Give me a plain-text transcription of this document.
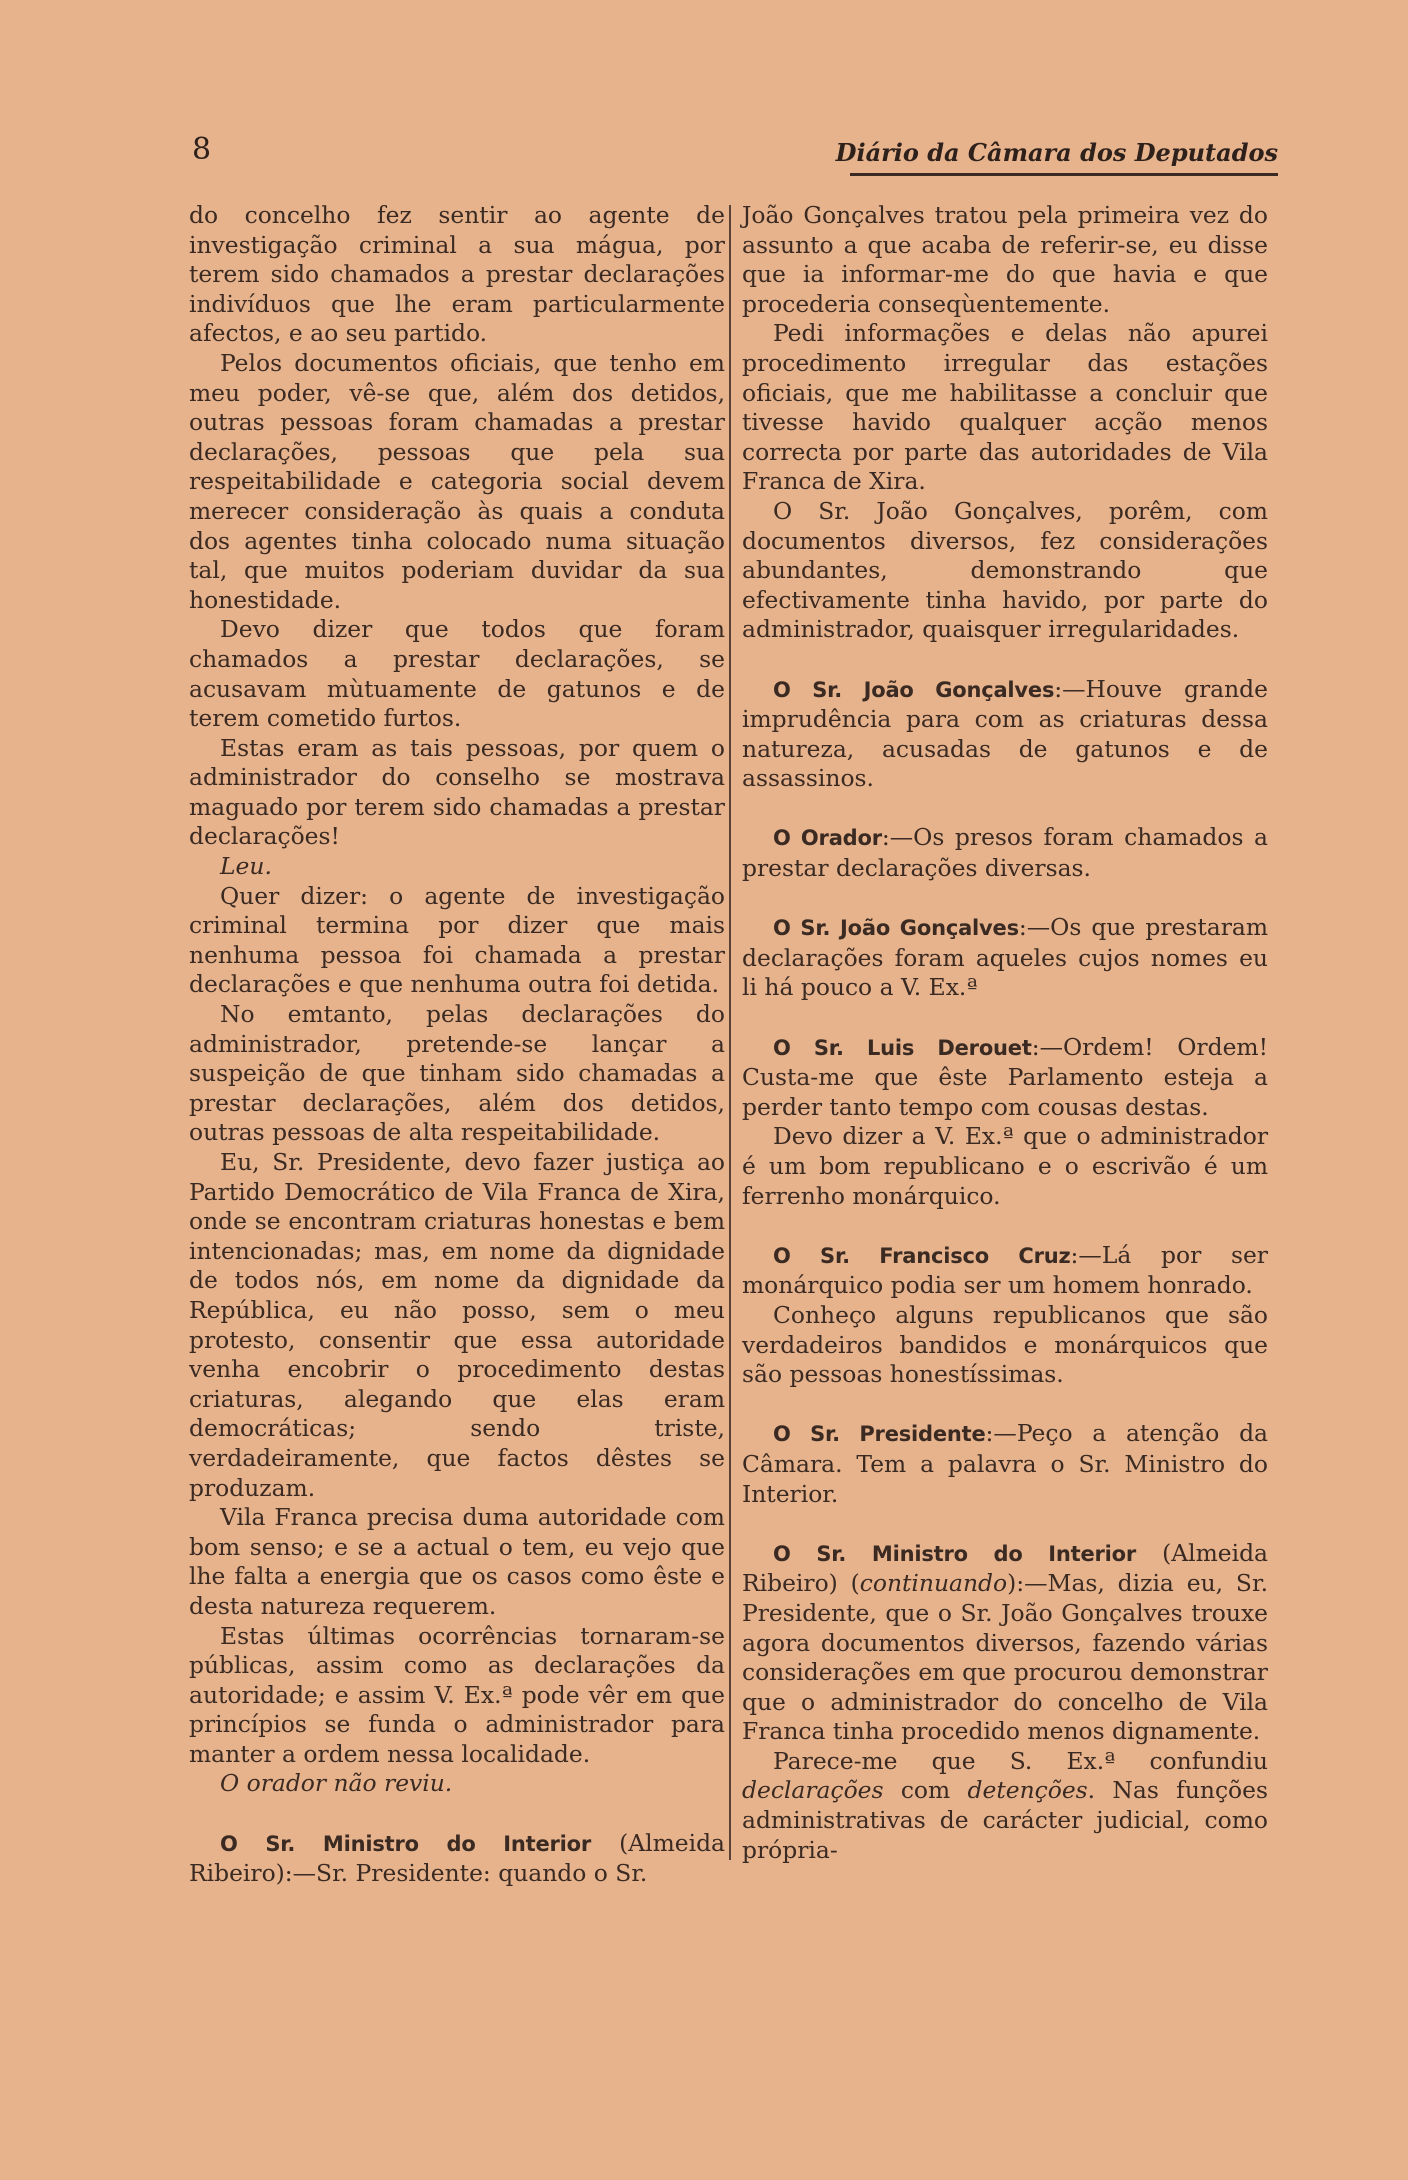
8	Diário da Câmara dos Deputados

do concelho fez sentir ao agente de investigação criminal a sua mágua, por terem sido chamados a prestar declarações indivíduos que lhe eram particularmente afectos, e ao seu partido.

Pelos documentos oficiais, que tenho em meu poder, vê-se que, além dos detidos, outras pessoas foram chamadas a prestar declarações, pessoas que pela sua respeitabilidade e categoria social devem merecer consideração às quais a conduta dos agentes tinha colocado numa situação tal, que muitos poderiam duvidar da sua honestidade.

Devo dizer que todos que foram chamados a prestar declarações, se acusavam mùtuamente de gatunos e de terem cometido furtos.

Estas eram as tais pessoas, por quem o administrador do conselho se mostrava maguado por terem sido chamadas a prestar declarações!

Leu.

Quer dizer: o agente de investigação criminal termina por dizer que mais nenhuma pessoa foi chamada a prestar declarações e que nenhuma outra foi detida.

No emtanto, pelas declarações do administrador, pretende-se lançar a suspeição de que tinham sido chamadas a prestar declarações, além dos detidos, outras pessoas de alta respeitabilidade.

Eu, Sr. Presidente, devo fazer justiça ao Partido Democrático de Vila Franca de Xira, onde se encontram criaturas honestas e bem intencionadas; mas, em nome da dignidade de todos nós, em nome da dignidade da República, eu não posso, sem o meu protesto, consentir que essa autoridade venha encobrir o procedimento destas criaturas, alegando que elas eram democráticas; sendo triste, verdadeiramente, que factos dêstes se produzam.

Vila Franca precisa duma autoridade com bom senso; e se a actual o tem, eu vejo que lhe falta a energia que os casos como êste e desta natureza requerem.

Estas últimas ocorrências tornaram-se públicas, assim como as declarações da autoridade; e assim V. Ex.ª pode vêr em que princípios se funda o administrador para manter a ordem nessa localidade.

O orador não reviu.

O Sr. Ministro do Interior (Almeida Ribeiro):—Sr. Presidente: quando o Sr.

João Gonçalves tratou pela primeira vez do assunto a que acaba de referir-se, eu disse que ia informar-me do que havia e que procederia conseqùentemente.

Pedi informações e delas não apurei procedimento irregular das estações oficiais, que me habilitasse a concluir que tivesse havido qualquer acção menos correcta por parte das autoridades de Vila Franca de Xira.

O Sr. João Gonçalves, porêm, com documentos diversos, fez considerações abundantes, demonstrando que efectivamente tinha havido, por parte do administrador, quaisquer irregularidades.

O Sr. João Gonçalves:—Houve grande imprudência para com as criaturas dessa natureza, acusadas de gatunos e de assassinos.

O Orador:—Os presos foram chamados a prestar declarações diversas.

O Sr. João Gonçalves:—Os que prestaram declarações foram aqueles cujos nomes eu li há pouco a V. Ex.ª

O Sr. Luis Derouet:—Ordem! Ordem! Custa-me que êste Parlamento esteja a perder tanto tempo com cousas destas.

Devo dizer a V. Ex.ª que o administrador é um bom republicano e o escrivão é um ferrenho monárquico.

O Sr. Francisco Cruz:—Lá por ser monárquico podia ser um homem honrado.

Conheço alguns republicanos que são verdadeiros bandidos e monárquicos que são pessoas honestíssimas.

O Sr. Presidente:—Peço a atenção da Câmara. Tem a palavra o Sr. Ministro do Interior.

O Sr. Ministro do Interior (Almeida Ribeiro) (continuando):—Mas, dizia eu, Sr. Presidente, que o Sr. João Gonçalves trouxe agora documentos diversos, fazendo várias considerações em que procurou demonstrar que o administrador do concelho de Vila Franca tinha procedido menos dignamente.

Parece-me que S. Ex.ª confundiu declarações com detenções. Nas funções administrativas de carácter judicial, como própria-
